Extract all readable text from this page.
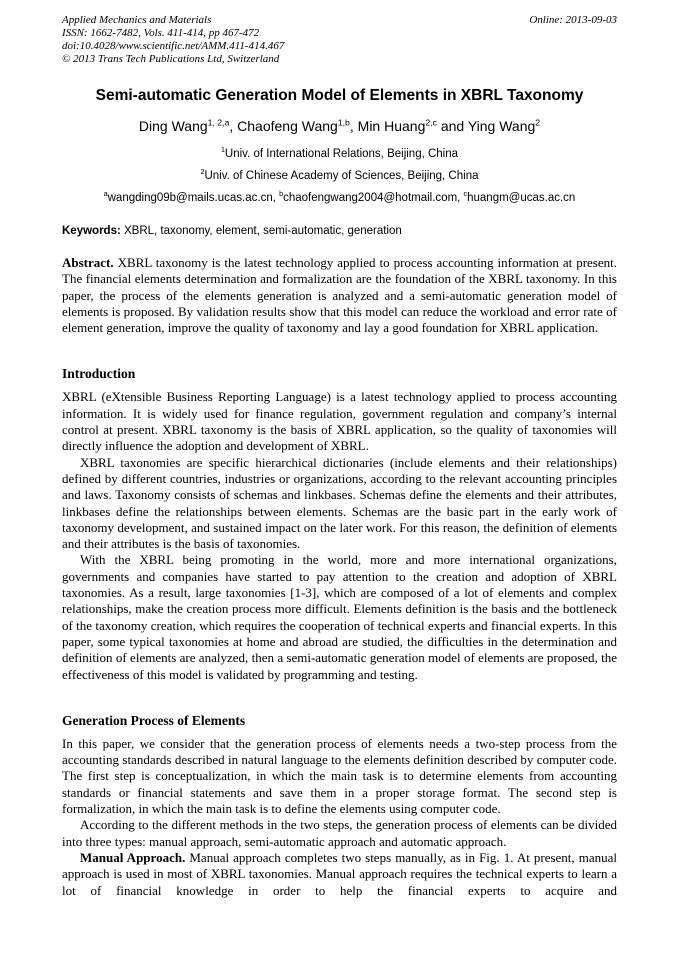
Applied Mechanics and Materials
ISSN: 1662-7482, Vols. 411-414, pp 467-472
doi:10.4028/www.scientific.net/AMM.411-414.467
© 2013 Trans Tech Publications Ltd, Switzerland
Online: 2013-09-03
Semi-automatic Generation Model of Elements in XBRL Taxonomy
Ding Wang$^{1, 2,a}$, Chaofeng Wang$^{1,b}$, Min Huang$^{2,c}$ and Ying Wang$^2$
$^1$Univ. of International Relations, Beijing, China
$^2$Univ. of Chinese Academy of Sciences, Beijing, China
$^a$wangding09b@mails.ucas.ac.cn, $^b$chaofengwang2004@hotmail.com, $^c$huangm@ucas.ac.cn
Keywords: XBRL, taxonomy, element, semi-automatic, generation

Abstract. XBRL taxonomy is the latest technology applied to process accounting information at present. The financial elements determination and formalization are the foundation of the XBRL taxonomy. In this paper, the process of the elements generation is analyzed and a semi-automatic generation model of elements is proposed. By validation results show that this model can reduce the workload and error rate of element generation, improve the quality of taxonomy and lay a good foundation for XBRL application.

Introduction

XBRL (eXtensible Business Reporting Language) is a latest technology applied to process accounting information. It is widely used for finance regulation, government regulation and company’s internal control at present. XBRL taxonomy is the basis of XBRL application, so the quality of taxonomies will directly influence the adoption and development of XBRL.

XBRL taxonomies are specific hierarchical dictionaries (include elements and their relationships) defined by different countries, industries or organizations, according to the relevant accounting principles and laws. Taxonomy consists of schemas and linkbases. Schemas define the elements and their attributes, linkbases define the relationships between elements. Schemas are the basic part in the early work of taxonomy development, and sustained impact on the later work. For this reason, the definition of elements and their attributes is the basis of taxonomies.

With the XBRL being promoting in the world, more and more international organizations, governments and companies have started to pay attention to the creation and adoption of XBRL taxonomies. As a result, large taxonomies [1-3], which are composed of a lot of elements and complex relationships, make the creation process more difficult. Elements definition is the basis and the bottleneck of the taxonomy creation, which requires the cooperation of technical experts and financial experts. In this paper, some typical taxonomies at home and abroad are studied, the difficulties in the determination and definition of elements are analyzed, then a semi-automatic generation model of elements are proposed, the effectiveness of this model is validated by programming and testing.

Generation Process of Elements

In this paper, we consider that the generation process of elements needs a two-step process from the accounting standards described in natural language to the elements definition described by computer code. The first step is conceptualization, in which the main task is to determine elements from accounting standards or financial statements and save them in a proper storage format. The second step is formalization, in which the main task is to define the elements using computer code.

According to the different methods in the two steps, the generation process of elements can be divided into three types: manual approach, semi-automatic approach and automatic approach.

Manual Approach. Manual approach completes two steps manually, as in Fig. 1. At present, manual approach is used in most of XBRL taxonomies. Manual approach requires the technical experts to learn a lot of financial knowledge in order to help the financial experts to acquire and
